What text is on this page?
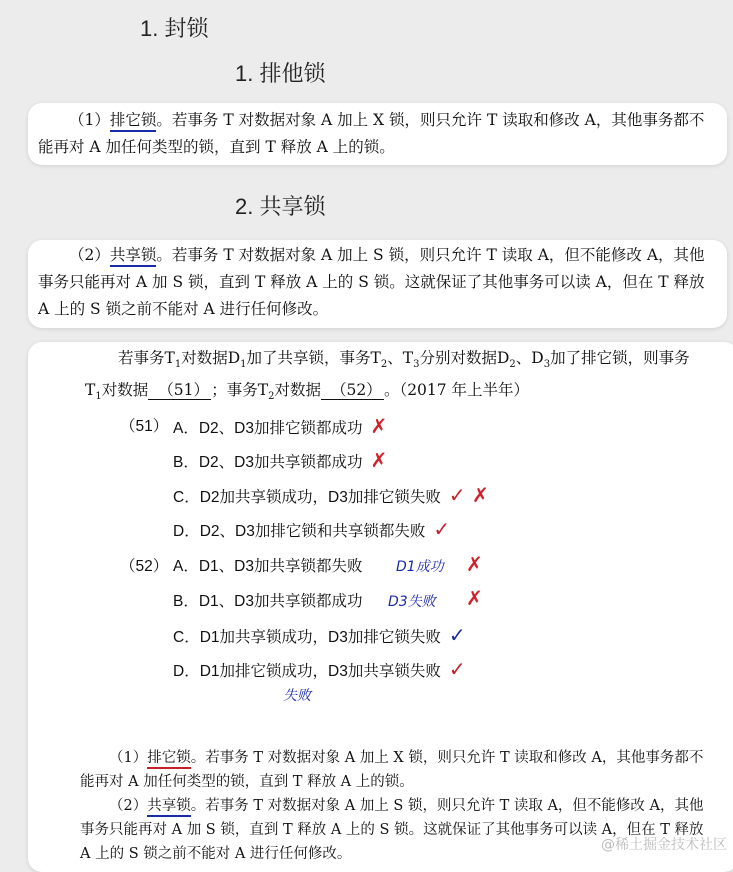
1. 封锁
1. 排他锁

（1）排它锁。若事务 T 对数据对象 A 加上 X 锁，则只允许 T 读取和修改 A，其他事务都不能再对 A 加任何类型的锁，直到 T 释放 A 上的锁。

2. 共享锁

（2）共享锁。若事务 T 对数据对象 A 加上 S 锁，则只允许 T 读取 A，但不能修改 A，其他事务只能再对 A 加 S 锁，直到 T 释放 A 上的 S 锁。这就保证了其他事务可以读 A，但在 T 释放 A 上的 S 锁之前不能对 A 进行任何修改。

若事务$T_1$对数据$D_1$加了共享锁，事务$T_2$、$T_3$分别对数据$D_2$、$D_3$加了排它锁，则事务
$T_1$对数据 （51） ；事务$T_2$对数据 （52） 。（2017 年上半年）
（51） A．D2、D3加排它锁都成功 ✗
B．D2、D3加共享锁都成功 ✗
C．D2加共享锁成功，D3加排它锁失败 ✓ ✗
D．D2、D3加排它锁和共享锁都失败 ✓
（52） A．D1、D3加共享锁都失败
B．D1、D3加共享锁都成功
C．D1加共享锁成功，D3加排它锁失败 ✓
D．D1加排它锁成功，D3加共享锁失败 ✓
✗
✗
D1成功
D3失败
失败

（1）排它锁。若事务 T 对数据对象 A 加上 X 锁，则只允许 T 读取和修改 A，其他事务都不能再对 A 加任何类型的锁，直到 T 释放 A 上的锁。

（2）共享锁。若事务 T 对数据对象 A 加上 S 锁，则只允许 T 读取 A，但不能修改 A，其他事务只能再对 A 加 S 锁，直到 T 释放 A 上的 S 锁。这就保证了其他事务可以读 A，但在 T 释放 A 上的 S 锁之前不能对 A 进行任何修改。

@稀土掘金技术社区
